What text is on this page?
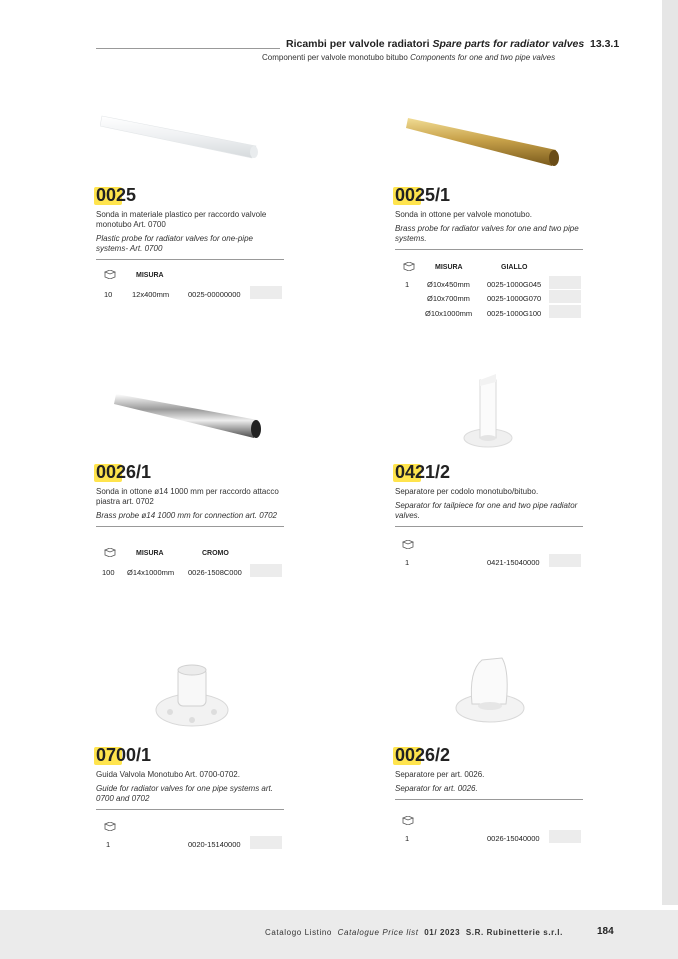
Ricambi per valvole radiatori Spare parts for radiator valves 13.3.1
Componenti per valvole monotubo bitubo Components for one and two pipe valves
0025
Sonda in materiale plastico per raccordo valvole monotubo Art. 0700
Plastic probe for radiator valves for one-pipe systems- Art. 0700
MISURA
10	12x400mm	0025-00000000
0025/1
Sonda in ottone per valvole monotubo.
Brass probe for radiator valves for one and two pipe systems.
MISURA	GIALLO
1 Ø10x450mm 0025-1000G045
Ø10x700mm 0025-1000G070
Ø10x1000mm 0025-1000G100
0026/1
Sonda in ottone ø14 1000 mm per raccordo attacco piastra art. 0702
Brass probe ø14 1000 mm for connection art. 0702
MISURA	CROMO
100 Ø14x1000mm 0026-1508C000
0421/2
Separatore per codolo monotubo/bitubo.
Separator for tailpiece for one and two pipe radiator valves.
1	0421-15040000
0700/1
Guida Valvola Monotubo Art. 0700-0702.
Guide for radiator valves for one pipe systems art. 0700 and 0702
1	0020-15140000
0026/2
Separatore per art. 0026.
Separator for art. 0026.
1	0026-15040000
Catalogo Listino Catalogue Price list 01/ 2023 S.R. Rubinetterie s.r.l.	184
